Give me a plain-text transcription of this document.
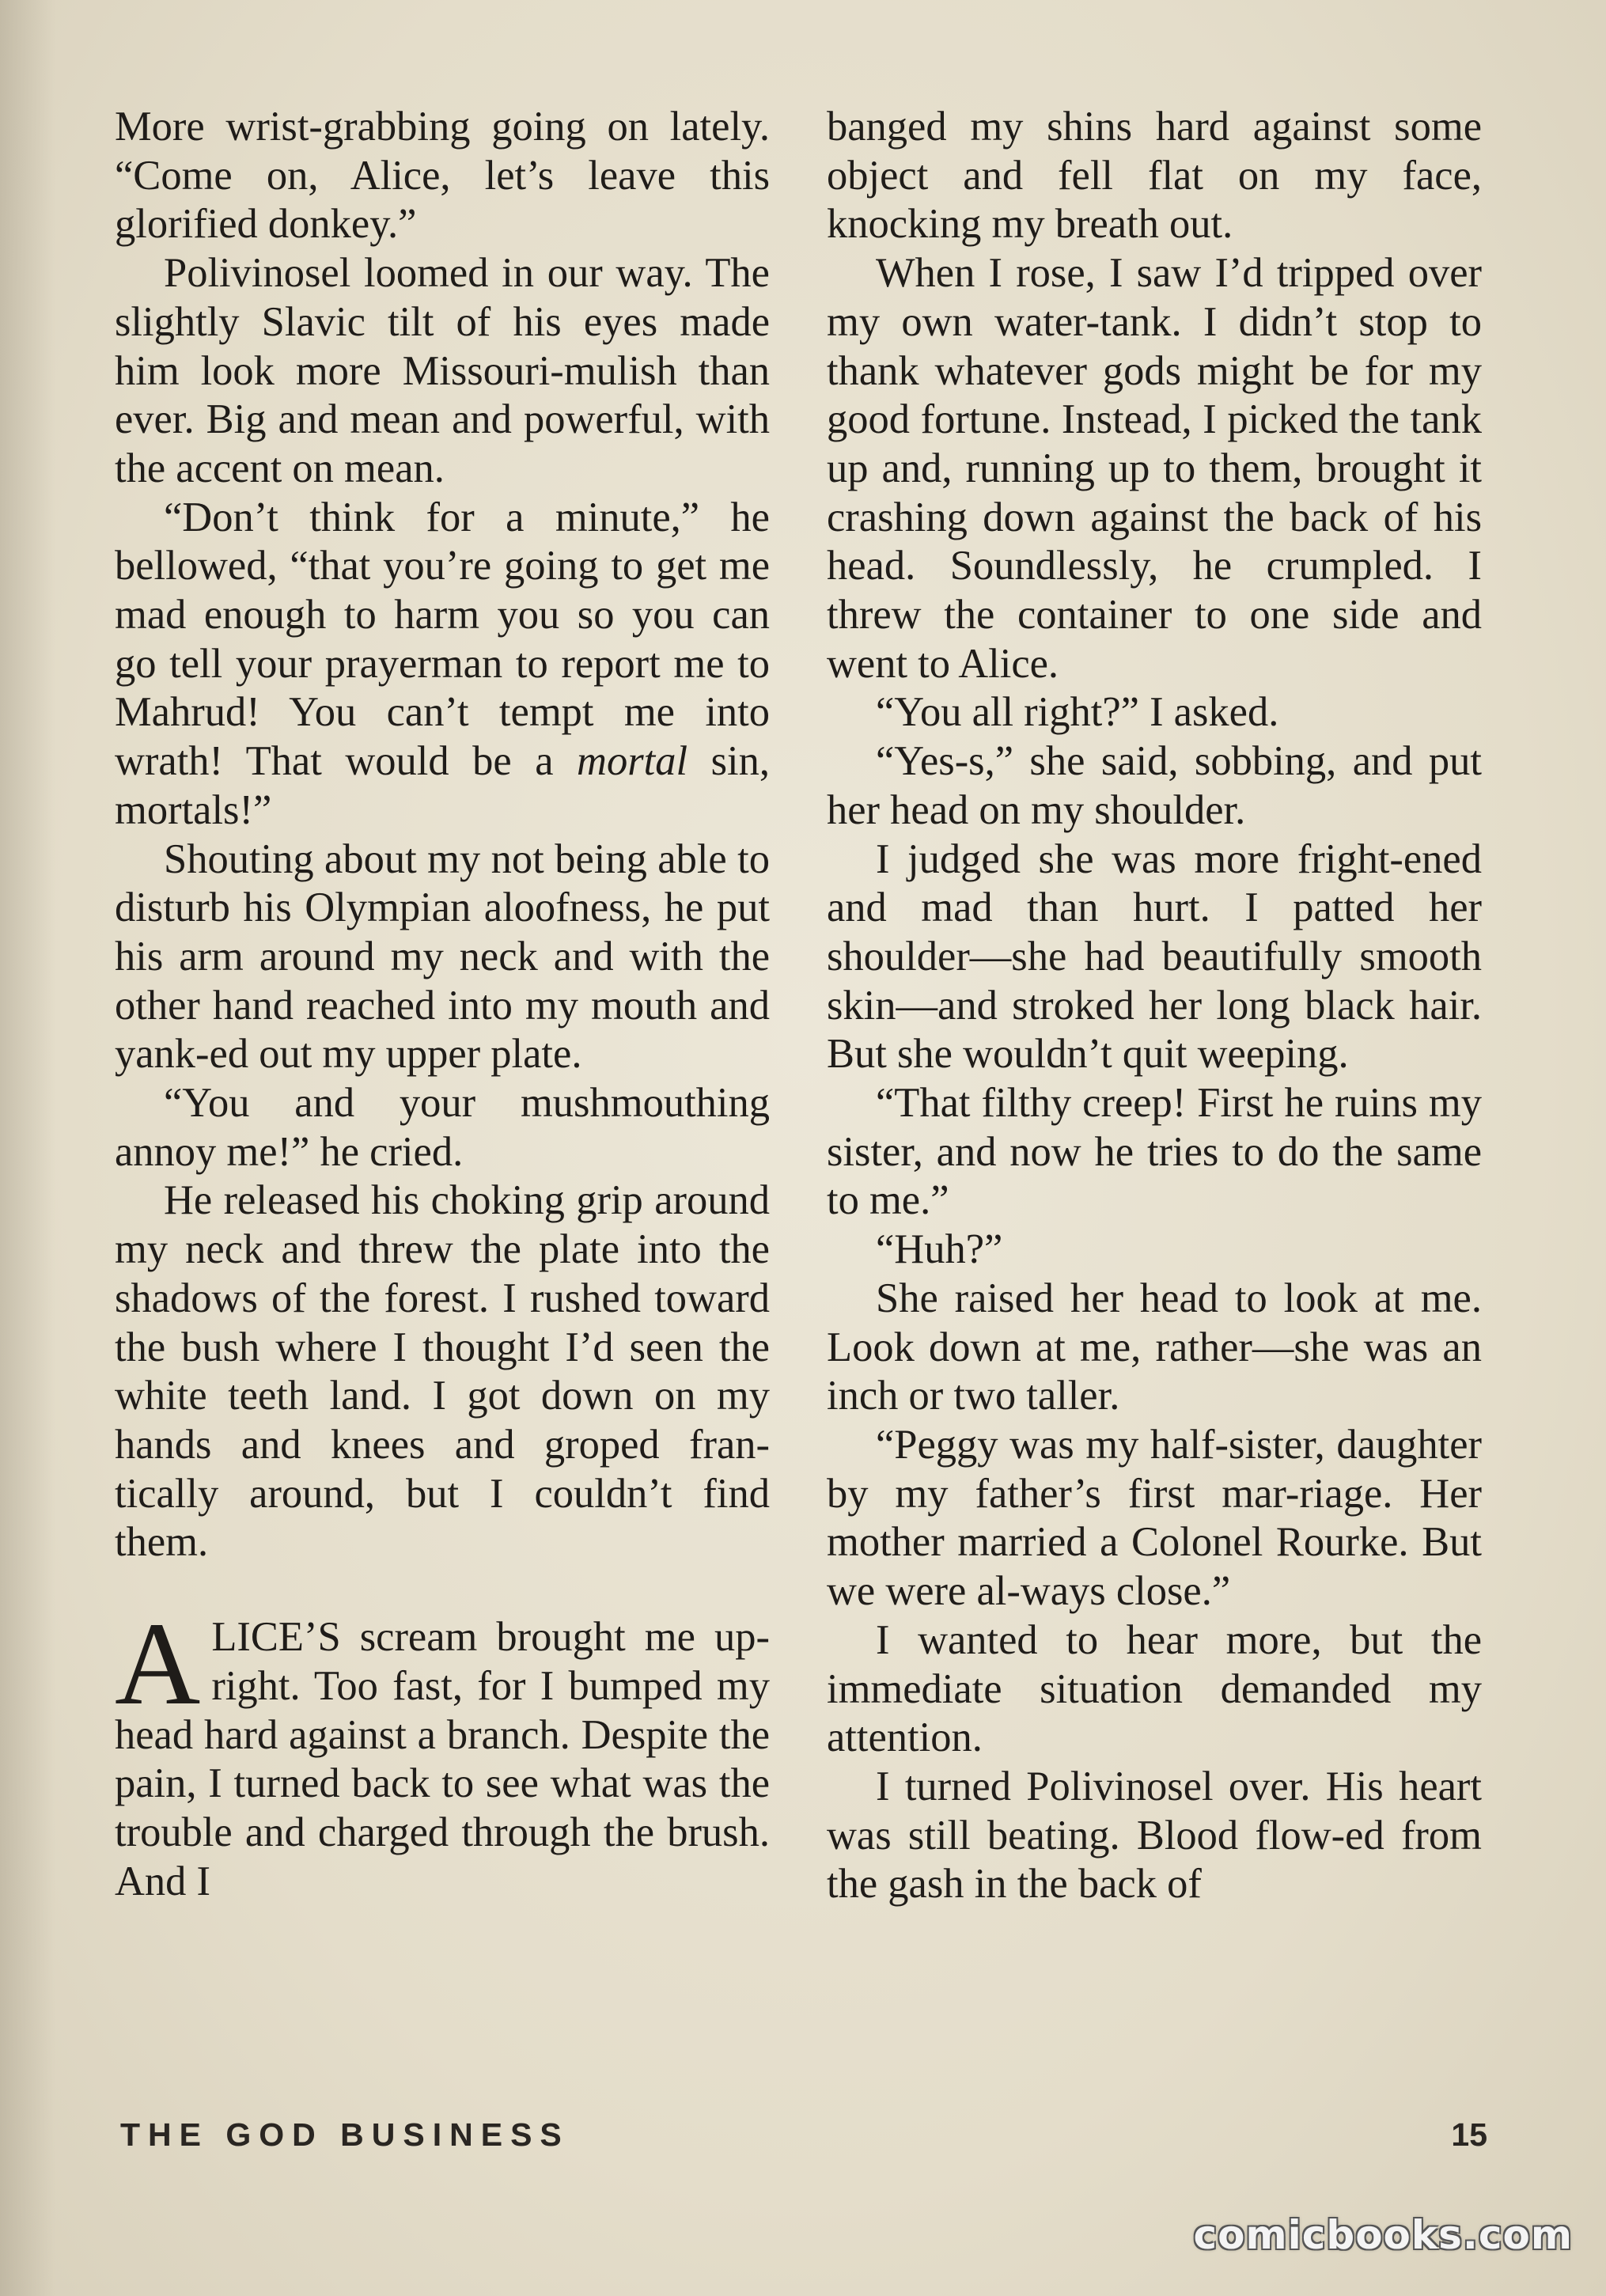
More wrist-grabbing going on lately. “Come on, Alice, let’s leave this glorified donkey.”

Polivinosel loomed in our way. The slightly Slavic tilt of his eyes made him look more Missouri-mulish than ever. Big and mean and powerful, with the accent on mean.

“Don’t think for a minute,” he bellowed, “that you’re going to get me mad enough to harm you so you can go tell your prayerman to report me to Mahrud! You can’t tempt me into wrath! That would be a mortal sin, mortals!”

Shouting about my not being able to disturb his Olympian aloofness, he put his arm around my neck and with the other hand reached into my mouth and yank-ed out my upper plate.

“You and your mushmouthing annoy me!” he cried.

He released his choking grip around my neck and threw the plate into the shadows of the forest. I rushed toward the bush where I thought I’d seen the white teeth land. I got down on my hands and knees and groped fran-tically around, but I couldn’t find them.

ALICE’S scream brought me up-right. Too fast, for I bumped my head hard against a branch. Despite the pain, I turned back to see what was the trouble and charged through the brush. And I

banged my shins hard against some object and fell flat on my face, knocking my breath out.

When I rose, I saw I’d tripped over my own water-tank. I didn’t stop to thank whatever gods might be for my good fortune. Instead, I picked the tank up and, running up to them, brought it crashing down against the back of his head. Soundlessly, he crumpled. I threw the container to one side and went to Alice.

“You all right?” I asked.

“Yes-s,” she said, sobbing, and put her head on my shoulder.

I judged she was more fright-ened and mad than hurt. I patted her shoulder—she had beautifully smooth skin—and stroked her long black hair. But she wouldn’t quit weeping.

“That filthy creep! First he ruins my sister, and now he tries to do the same to me.”

“Huh?”

She raised her head to look at me. Look down at me, rather—she was an inch or two taller.

“Peggy was my half-sister, daughter by my father’s first mar-riage. Her mother married a Colonel Rourke. But we were al-ways close.”

I wanted to hear more, but the immediate situation demanded my attention.

I turned Polivinosel over. His heart was still beating. Blood flow-ed from the gash in the back of

THE GOD BUSINESS	15
comicbooks.com
